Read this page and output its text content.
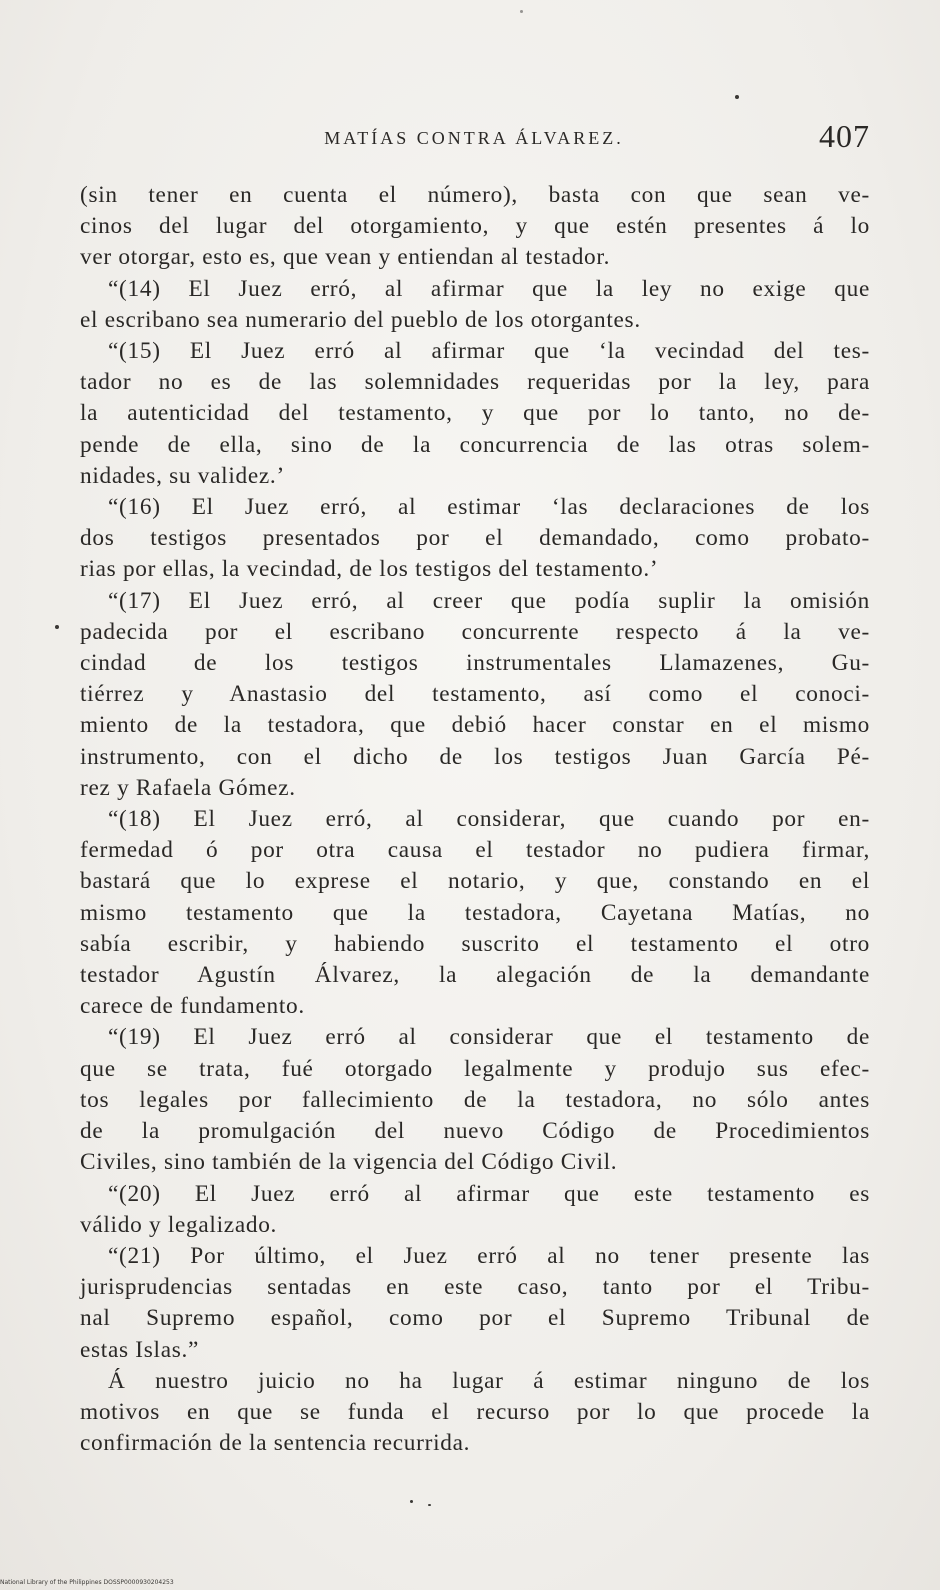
MATÍAS CONTRA ÁLVAREZ.	407
(sin tener en cuenta el número), basta con que sean ve-
cinos del lugar del otorgamiento, y que estén presentes á lo
ver otorgar, esto es, que vean y entiendan al testador.
“(14) El Juez erró, al afirmar que la ley no exige que
el escribano sea numerario del pueblo de los otorgantes.
“(15) El Juez erró al afirmar que ‘la vecindad del tes-
tador no es de las solemnidades requeridas por la ley, para
la autenticidad del testamento, y que por lo tanto, no de-
pende de ella, sino de la concurrencia de las otras solem-
nidades, su validez.’
“(16) El Juez erró, al estimar ‘las declaraciones de los
dos testigos presentados por el demandado, como probato-
rias por ellas, la vecindad, de los testigos del testamento.’
“(17) El Juez erró, al creer que podía suplir la omisión
padecida por el escribano concurrente respecto á la ve-
cindad de los testigos instrumentales Llamazenes, Gu-
tiérrez y Anastasio del testamento, así como el conoci-
miento de la testadora, que debió hacer constar en el mismo
instrumento, con el dicho de los testigos Juan García Pé-
rez y Rafaela Gómez.
“(18) El Juez erró, al considerar, que cuando por en-
fermedad ó por otra causa el testador no pudiera firmar,
bastará que lo exprese el notario, y que, constando en el
mismo testamento que la testadora, Cayetana Matías, no
sabía escribir, y habiendo suscrito el testamento el otro
testador Agustín Álvarez, la alegación de la demandante
carece de fundamento.
“(19) El Juez erró al considerar que el testamento de
que se trata, fué otorgado legalmente y produjo sus efec-
tos legales por fallecimiento de la testadora, no sólo antes
de la promulgación del nuevo Código de Procedimientos
Civiles, sino también de la vigencia del Código Civil.
“(20) El Juez erró al afirmar que este testamento es
válido y legalizado.
“(21) Por último, el Juez erró al no tener presente las
jurisprudencias sentadas en este caso, tanto por el Tribu-
nal Supremo español, como por el Supremo Tribunal de
estas Islas.”
Á nuestro juicio no ha lugar á estimar ninguno de los
motivos en que se funda el recurso por lo que procede la
confirmación de la sentencia recurrida.
National Library of the Philippines DOSSP0000930204253
